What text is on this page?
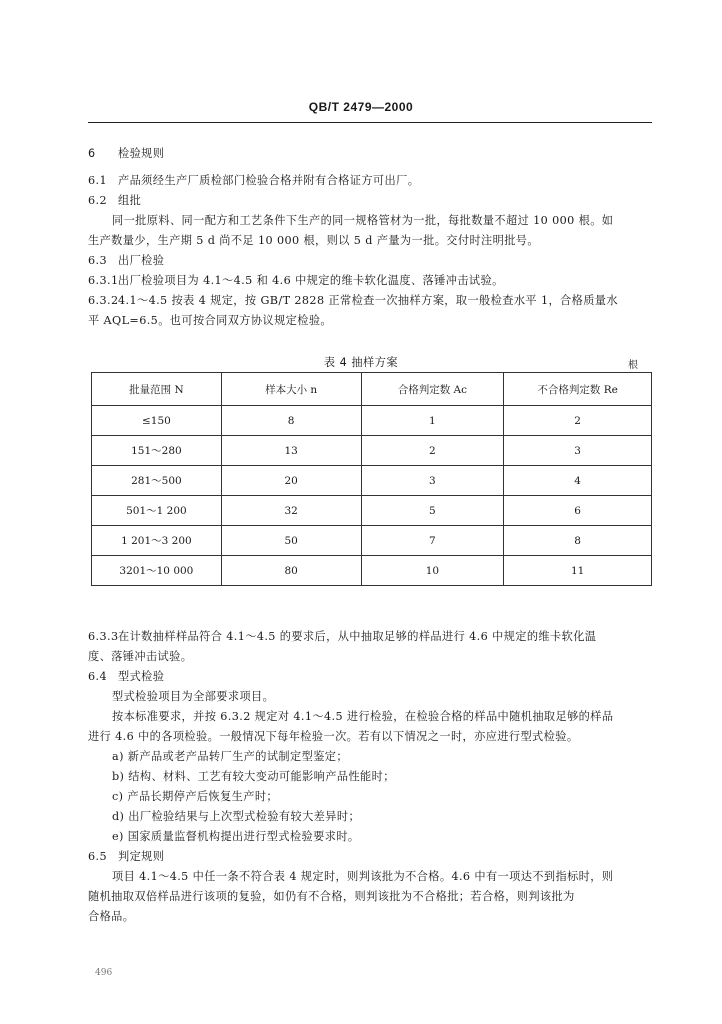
QB/T 2479—2000
6 检验规则
6.1 产品须经生产厂质检部门检验合格并附有合格证方可出厂。
6.2 组批
同一批原料、同一配方和工艺条件下生产的同一规格管材为一批，每批数量不超过 10 000 根。如
生产数量少，生产期 5 d 尚不足 10 000 根，则以 5 d 产量为一批。交付时注明批号。
6.3 出厂检验
6.3.1出厂检验项目为 4.1～4.5 和 4.6 中规定的维卡软化温度、落锤冲击试验。
6.3.24.1～4.5 按表 4 规定，按 GB/T 2828 正常检查一次抽样方案，取一般检查水平 1，合格质量水
平 AQL=6.5。也可按合同双方协议规定检验。
6.3.3在计数抽样样品符合 4.1～4.5 的要求后，从中抽取足够的样品进行 4.6 中规定的维卡软化温
度、落锤冲击试验。
6.4 型式检验
型式检验项目为全部要求项目。
按本标准要求，并按 6.3.2 规定对 4.1～4.5 进行检验，在检验合格的样品中随机抽取足够的样品
进行 4.6 中的各项检验。一般情况下每年检验一次。若有以下情况之一时，亦应进行型式检验。
a) 新产品或老产品转厂生产的试制定型鉴定；
b) 结构、材料、工艺有较大变动可能影响产品性能时；
c) 产品长期停产后恢复生产时；
d) 出厂检验结果与上次型式检验有较大差异时；
e) 国家质量监督机构提出进行型式检验要求时。
6.5 判定规则
项目 4.1～4.5 中任一条不符合表 4 规定时，则判该批为不合格。4.6 中有一项达不到指标时，则
随机抽取双倍样品进行该项的复验，如仍有不合格，则判该批为不合格批；若合格，则判该批为
合格品。
表 4 抽样方案	根
批量范围 N	样本大小 n	合格判定数 Ac	不合格判定数 Re
≤150	8	1	2
151～280	13	2	3
281～500	20	3	4
501～1 200	32	5	6
1 201～3 200	50	7	8
3201～10 000	80	10	11
496
